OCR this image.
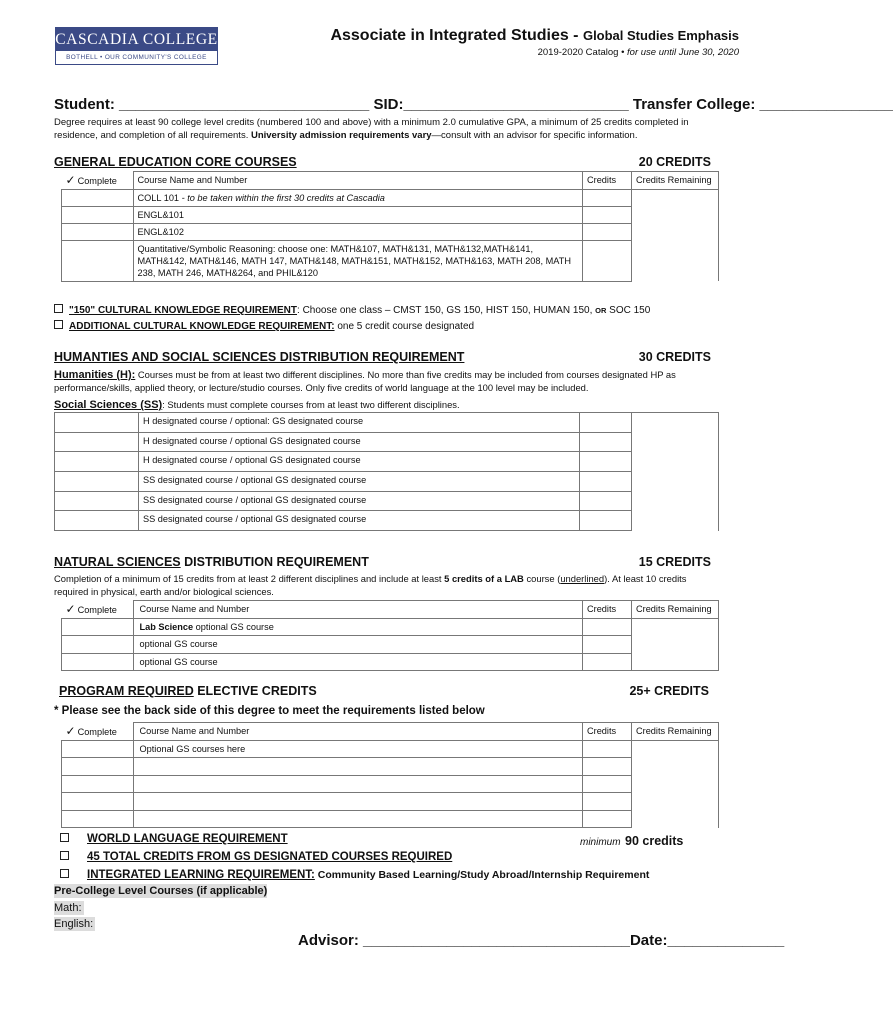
CASCADIA COLLEGE
BOTHELL • OUR COMMUNITY'S COLLEGE
Associate in Integrated Studies - Global Studies Emphasis
2019-2020 Catalog • for use until June 30, 2020
Student: ______________________________ SID:___________________________ Transfer College: ________________
Degree requires at least 90 college level credits (numbered 100 and above) with a minimum 2.0 cumulative GPA, a minimum of 25 credits completed in residence, and completion of all requirements. University admission requirements vary—consult with an advisor for specific information.
GENERAL EDUCATION CORE COURSES	20 CREDITS
✓ Complete	Course Name and Number	Credits	Credits Remaining
	COLL 101 - to be taken within the first 30 credits at Cascadia		
	ENGL&101		
	ENGL&102		
	Quantitative/Symbolic Reasoning: choose one: MATH&107, MATH&131, MATH&132,MATH&141, MATH&142, MATH&146, MATH 147, MATH&148, MATH&151, MATH&152, MATH&163, MATH 208, MATH 238, MATH 246, MATH&264, and PHIL&120		
"150" CULTURAL KNOWLEDGE REQUIREMENT: Choose one class – CMST 150, GS 150, HIST 150, HUMAN 150, OR SOC 150
ADDITIONAL CULTURAL KNOWLEDGE REQUIREMENT: one 5 credit course designated
HUMANTIES AND SOCIAL SCIENCES DISTRIBUTION REQUIREMENT	30 CREDITS
Humanities (H): Courses must be from at least two different disciplines. No more than five credits may be included from courses designated HP as performance/skills, applied theory, or lecture/studio courses. Only five credits of world language at the 100 level may be included.
Social Sciences (SS): Students must complete courses from at least two different disciplines.
	H designated course / optional: GS designated course		
	H designated course / optional GS designated course		
	H designated course / optional GS designated course		
	SS designated course / optional GS designated course		
	SS designated course / optional GS designated course		
	SS designated course / optional GS designated course		
NATURAL SCIENCES DISTRIBUTION REQUIREMENT	15 CREDITS
Completion of a minimum of 15 credits from at least 2 different disciplines and include at least 5 credits of a LAB course (underlined). At least 10 credits required in physical, earth and/or biological sciences.
✓ Complete	Course Name and Number	Credits	Credits Remaining
	Lab Science optional GS course		
	optional GS course		
	optional GS course		
PROGRAM REQUIRED ELECTIVE CREDITS	25+ CREDITS
* Please see the back side of this degree to meet the requirements listed below
✓ Complete	Course Name and Number	Credits	Credits Remaining
	Optional GS courses here		

WORLD LANGUAGE REQUIREMENT	minimum 90 credits
45 TOTAL CREDITS FROM GS DESIGNATED COURSES REQUIRED
INTEGRATED LEARNING REQUIREMENT: Community Based Learning/Study Abroad/Internship Requirement
Pre-College Level Courses (if applicable)
Math:
English:
Advisor: ________________________________Date:______________
